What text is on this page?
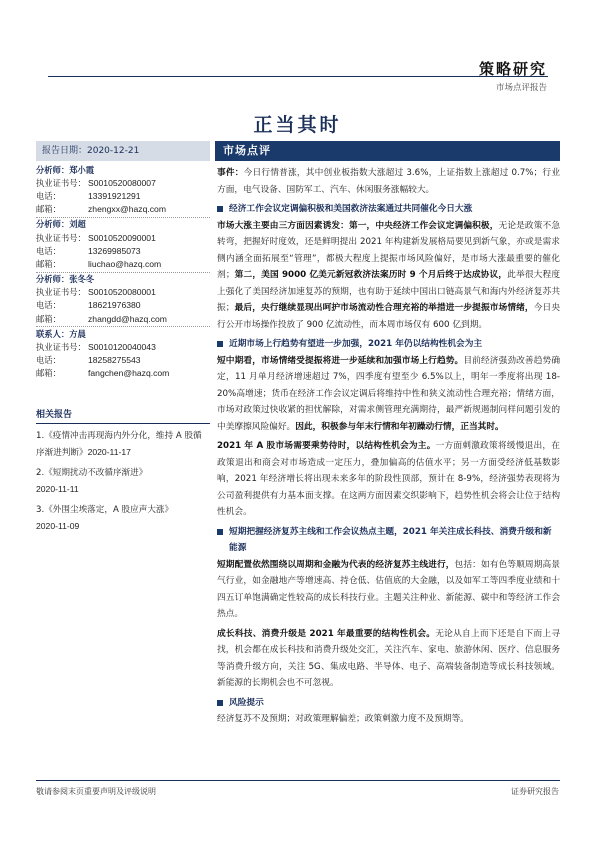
策略研究
市场点评报告
正当其时
报告日期：2020-12-21
分析师： 郑小霞
执业证书号： S0010520080007
电话：	13391921291
邮箱：	zhengxx@hazq.com
分析师： 刘超
执业证书号： S0010520090001
电话：	13269985073
邮箱：	liuchao@hazq.com
分析师： 张冬冬
执业证书号： S0010520080001
电话：	18621976380
邮箱：	zhangdd@hazq.com
联系人： 方晨
执业证书号： S0010120040043
电话：	18258275543
邮箱：	fangchen@hazq.com
相关报告
1.《疫情冲击再现海内外分化，维持 A 股循序渐进判断》2020-11-17
2.《短期扰动不改循序渐进》
2020-11-11
3.《外围尘埃落定，A 股应声大涨》
2020-11-09
市场点评

事件：今日行情普涨，其中创业板指数大涨超过 3.6%，上证指数上涨超过 0.7%；行业方面，电气设备、国防军工、汽车、休闲服务涨幅较大。

经济工作会议定调偏积极和美国救济法案通过共同催化今日大涨

市场大涨主要由三方面因素诱发：第一，中央经济工作会议定调偏积极，无论是政策不急转弯，把握好时度效，还是鲜明提出 2021 年构建新发展格局要见到新气象，亦或是需求侧内涵全面拓展至“管理”，都极大程度上提振市场风险偏好，是市场大涨最重要的催化剂；第二，美国 9000 亿美元新冠救济法案历时 9 个月后终于达成协议，此举很大程度上强化了美国经济加速复苏的预期，也有助于延续中国出口链高景气和海内外经济复苏共振；最后，央行继续显现出呵护市场流动性合理充裕的举措进一步提振市场情绪，今日央行公开市场操作投放了 900 亿流动性，而本周市场仅有 600 亿到期。

近期市场上行趋势有望进一步加强，2021 年仍以结构性机会为主

短中期看，市场情绪受提振将进一步延续和加强市场上行趋势。目前经济强劲改善趋势确定，11 月单月经济增速超过 7%，四季度有望至少 6.5%以上，明年一季度将出现 18-20%高增速；货币在经济工作会议定调后将维持中性和狭义流动性合理充裕；情绪方面，市场对政策过快收紧的担忧解除，对需求侧管理充满期待，最严新规遏制问样问题引发的中美摩擦风险偏好。因此，积极参与年末行情和年初躁动行情，正当其时。

2021 年 A 股市场需要乘势待时，以结构性机会为主。一方面刺激政策将缓慢退出，在政策退出和商会对市场造成一定压力，叠加偏高的估值水平；另一方面受经济低基数影响，2021 年经济增长将出现未来多年的阶段性顶部，预计在 8-9%，经济强势表现将为公司盈利提供有力基本面支撑。在这两方面因素交织影响下，趋势性机会将会让位于结构性机会。

短期把握经济复苏主线和工作会议热点主题，2021 年关注成长科技、消费升级和新能源

短期配置依然围绕以周期和金融为代表的经济复苏主线进行，包括：如有色等顺周期高景气行业，如金融地产等增速高、持仓低、估值底的大金融，以及如军工等四季度业绩和十四五订单饱满确定性较高的成长科技行业。主题关注种业、新能源、碳中和等经济工作会热点。

成长科技、消费升级是 2021 年最重要的结构性机会。无论从自上而下还是自下而上寻找，机会都在成长科技和消费升级处交汇，关注汽车、家电、旅游休闲、医疗、信息服务等消费升级方向，关注 5G、集成电路、半导体、电子、高端装备制造等成长科技领域。新能源的长期机会也不可忽视。

风险提示

经济复苏不及预期；对政策理解偏差；政策刺激力度不及预期等。

敬请参阅末页重要声明及评级说明	证券研究报告
